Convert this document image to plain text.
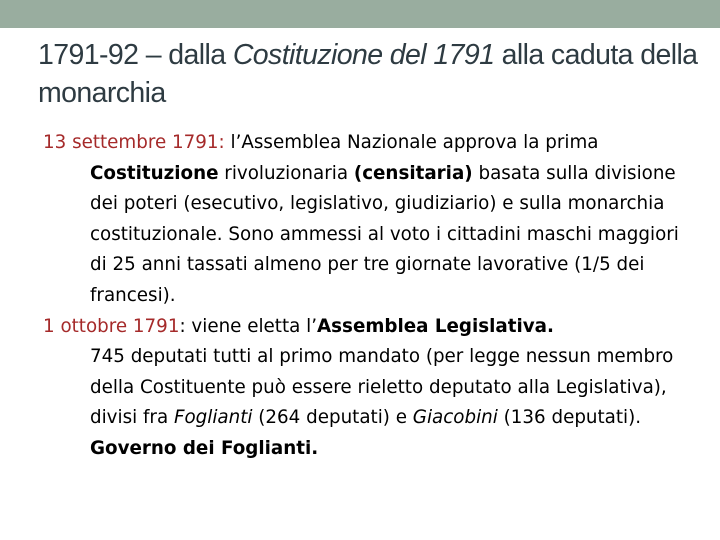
1791-92 – dalla Costituzione del 1791 alla caduta della monarchia
13 settembre 1791: l’Assemblea Nazionale approva la prima Costituzione rivoluzionaria (censitaria) basata sulla divisione dei poteri (esecutivo, legislativo, giudiziario) e sulla monarchia costituzionale. Sono ammessi al voto i cittadini maschi maggiori di 25 anni tassati almeno per tre giornate lavorative (1/5 dei francesi).
1 ottobre 1791: viene eletta l’Assemblea Legislativa.
745 deputati tutti al primo mandato (per legge nessun membro della Costituente può essere rieletto deputato alla Legislativa), divisi fra Foglianti (264 deputati) e Giacobini (136 deputati). Governo dei Foglianti.
